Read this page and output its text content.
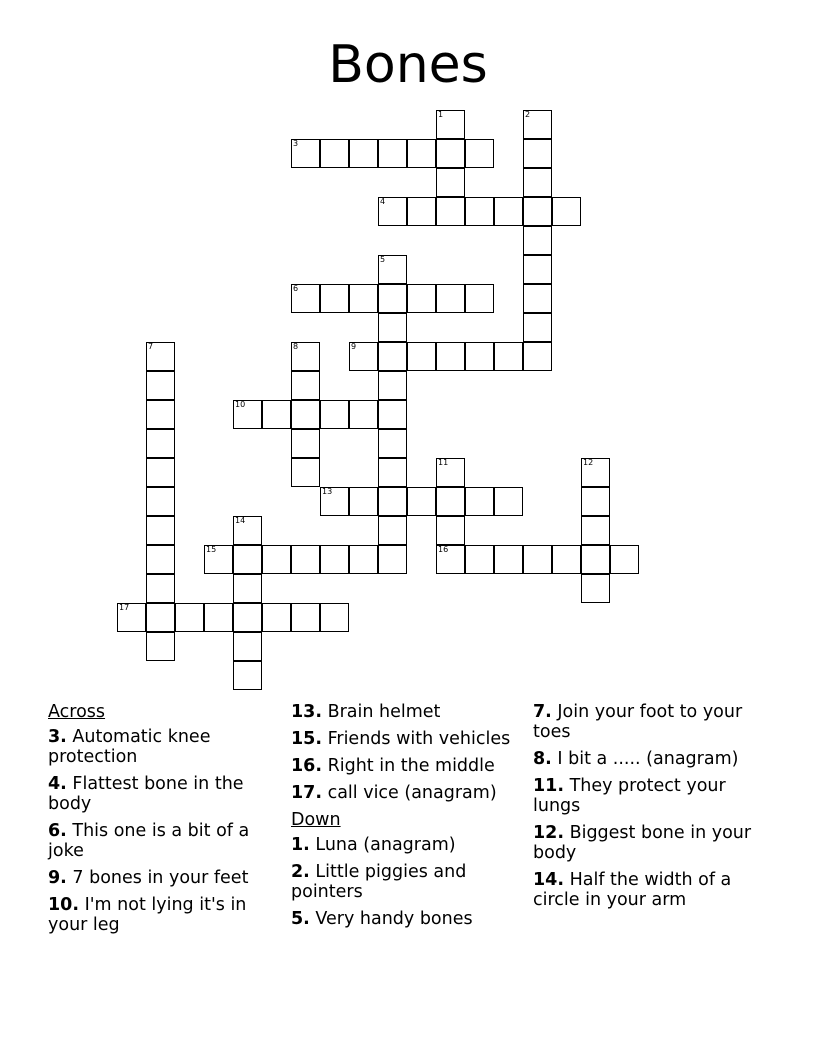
Bones
1	2
3
4
5
6
7	8	9
10
11	12
13
14
15	16
17
Across
3. Automatic knee protection
4. Flattest bone in the body
6. This one is a bit of a joke
9. 7 bones in your feet
10. I'm not lying it's in your leg
13. Brain helmet
15. Friends with vehicles
16. Right in the middle
17. call vice (anagram)
Down
1. Luna (anagram)
2. Little piggies and pointers
5. Very handy bones
7. Join your foot to your toes
8. I bit a ..... (anagram)
11. They protect your lungs
12. Biggest bone in your body
14. Half the width of a circle in your arm
